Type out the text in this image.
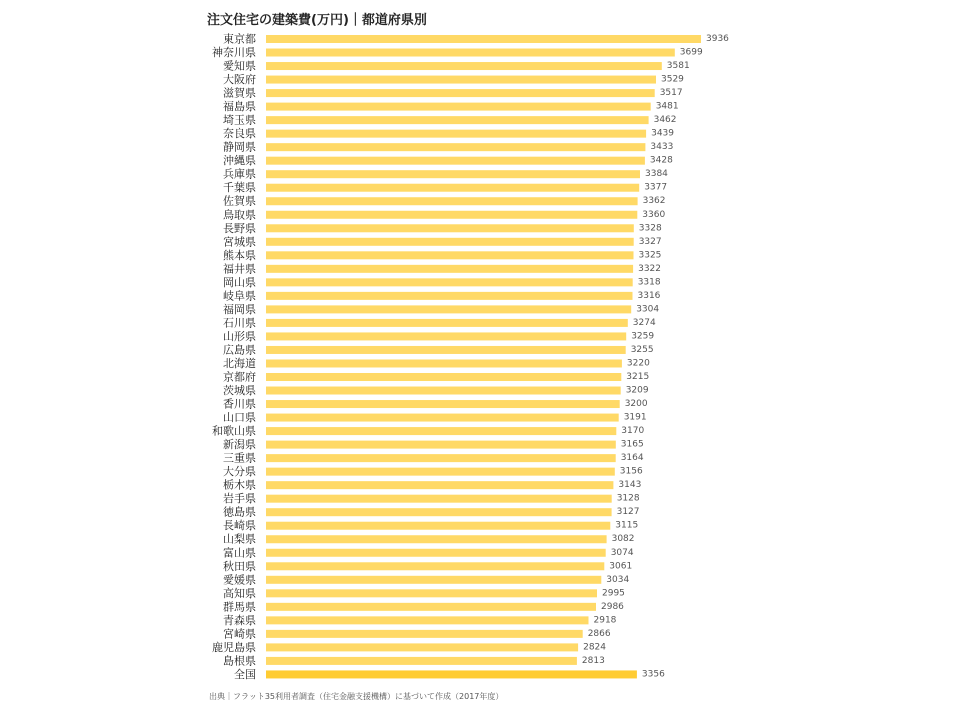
注文住宅の建築費(万円)｜都道府県別
東京都
神奈川県
愛知県
大阪府
滋賀県
福島県
埼玉県
奈良県
静岡県
沖縄県
兵庫県
千葉県
佐賀県
鳥取県
長野県
宮城県
熊本県
福井県
岡山県
岐阜県
福岡県
石川県
山形県
広島県
北海道
京都府
茨城県
香川県
山口県
和歌山県
新潟県
三重県
大分県
栃木県
岩手県
徳島県
長崎県
山梨県
富山県
秋田県
愛媛県
高知県
群馬県
青森県
宮崎県
鹿児島県
島根県
全国
3936
3699
3581
3529
3517
3481
3462
3439
3433
3428
3384
3377
3362
3360
3328
3327
3325
3322
3318
3316
3304
3274
3259
3255
3220
3215
3209
3200
3191
3170
3165
3164
3156
3143
3128
3127
3115
3082
3074
3061
3034
2995
2986
2918
2866
2824
2813
3356
出典｜フラット35利用者調査（住宅金融支援機構）に基づいて作成（2017年度）
